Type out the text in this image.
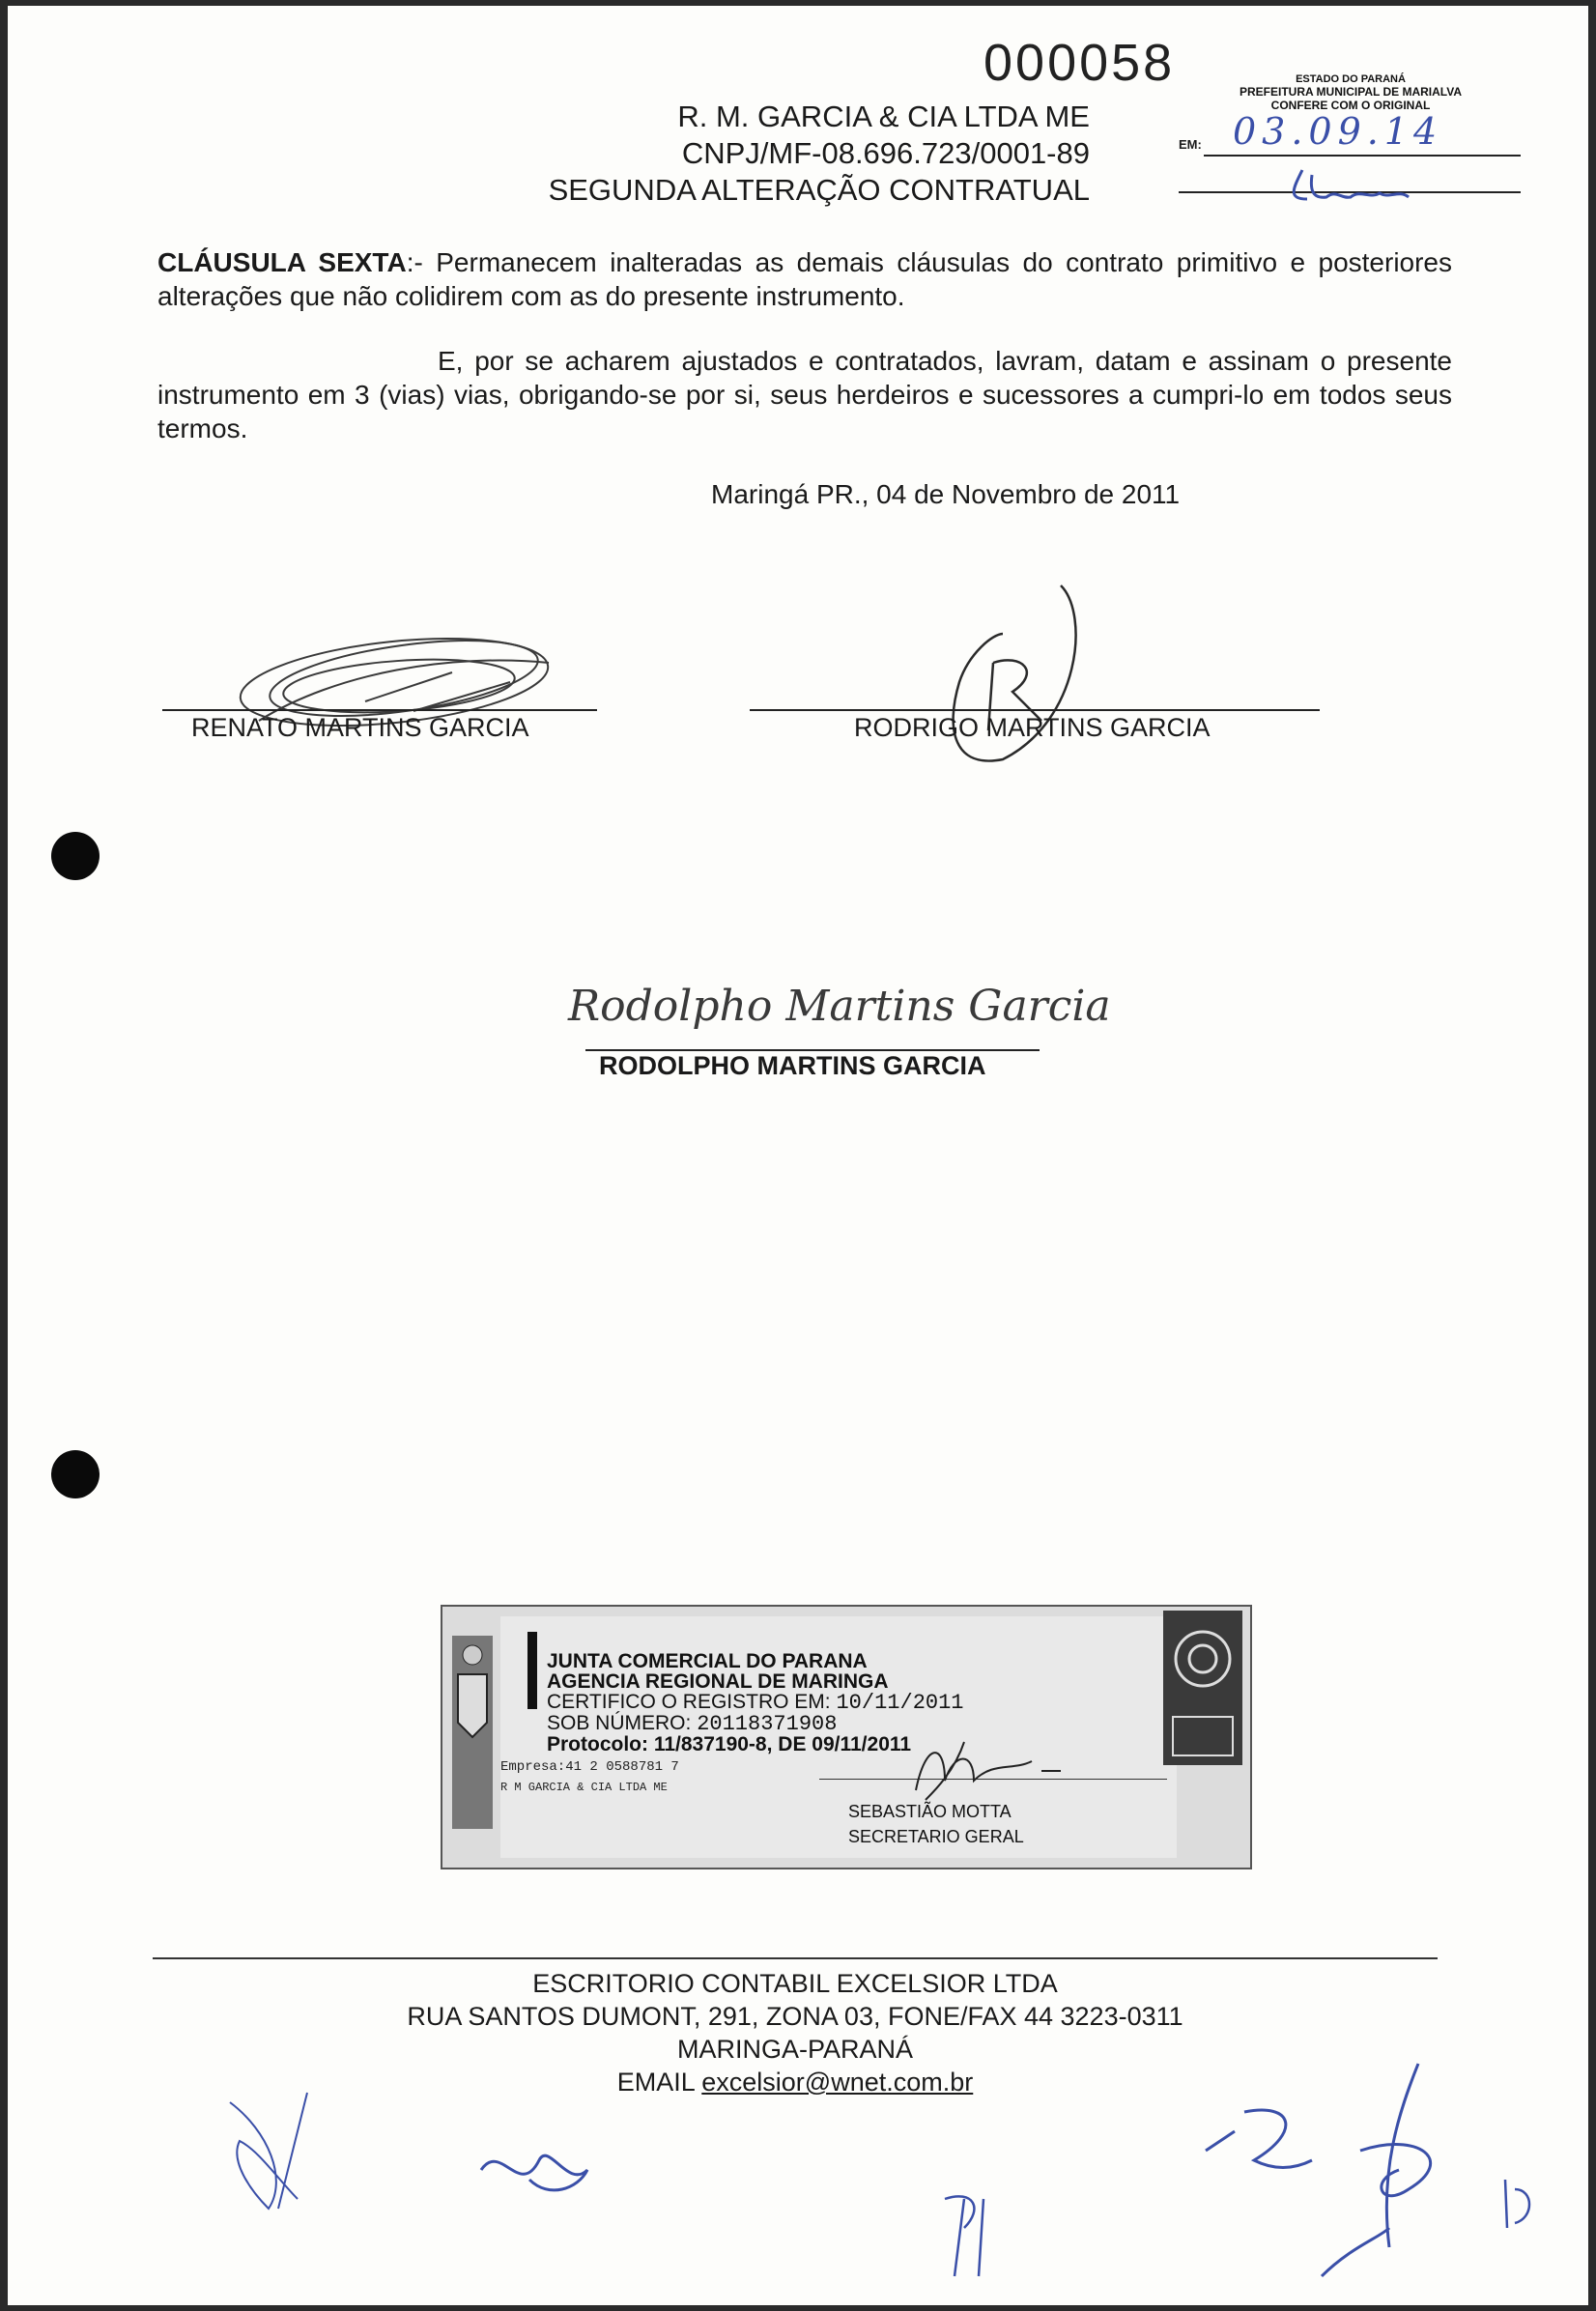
000058
R. M. GARCIA & CIA LTDA ME
CNPJ/MF-08.696.723/0001-89
SEGUNDA ALTERAÇÃO CONTRATUAL
ESTADO DO PARANÁ
PREFEITURA MUNICIPAL DE MARIALVA
CONFERE COM O ORIGINAL
EM: 03.09.14
CLÁUSULA SEXTA:- Permanecem inalteradas as demais cláusulas do contrato primitivo e posteriores alterações que não colidirem com as do presente instrumento.
E, por se acharem ajustados e contratados, lavram, datam e assinam o presente instrumento em 3 (vias) vias, obrigando-se por si, seus herdeiros e sucessores a cumpri-lo em todos seus termos.
Maringá PR., 04 de Novembro de 2011
RENATO MARTINS GARCIA	RODRIGO MARTINS GARCIA
Rodolpho Martins Garcia
RODOLPHO MARTINS GARCIA
JUNTA COMERCIAL DO PARANA
AGENCIA REGIONAL DE MARINGA
CERTIFICO O REGISTRO EM: 10/11/2011
SOB NÚMERO: 20118371908
Protocolo: 11/837190-8, DE 09/11/2011
Empresa:41 2 0588781 7
R M GARCIA & CIA LTDA ME
SEBASTIÃO MOTTA
SECRETARIO GERAL
ESCRITORIO CONTABIL EXCELSIOR LTDA
RUA SANTOS DUMONT, 291, ZONA 03, FONE/FAX 44 3223-0311
MARINGA-PARANÁ
EMAIL excelsior@wnet.com.br
